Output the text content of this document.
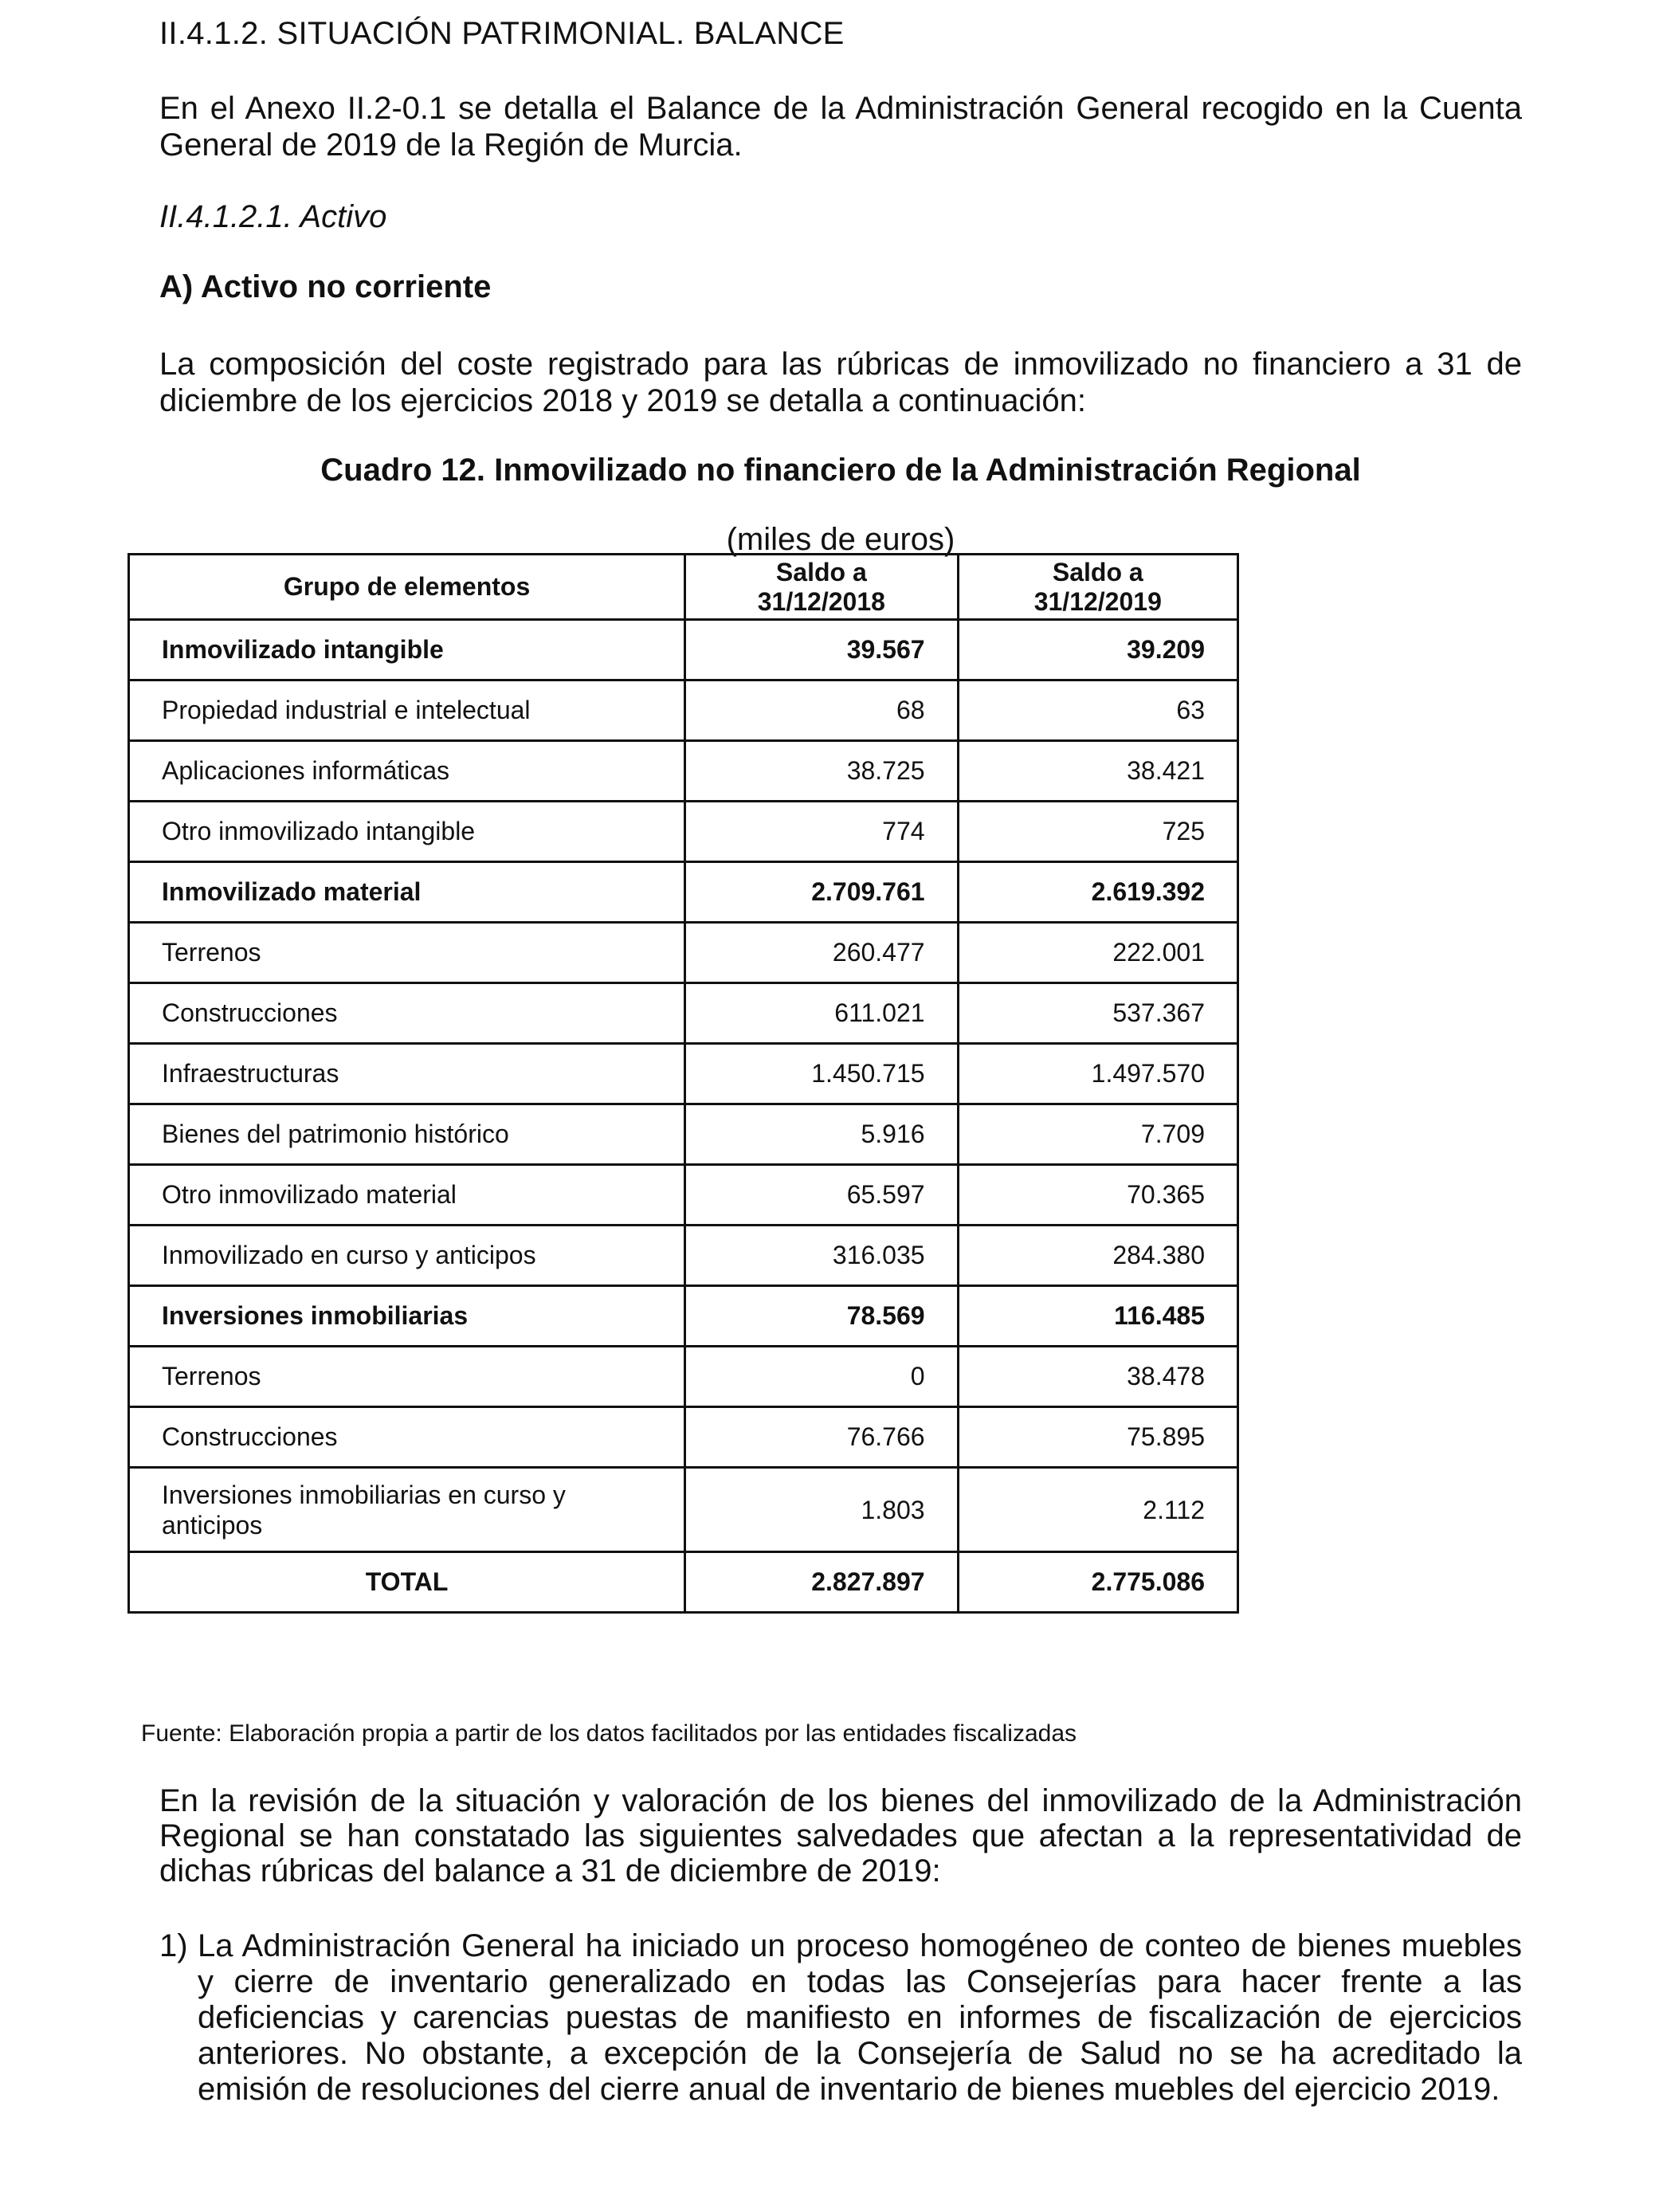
II.4.1.2. SITUACIÓN PATRIMONIAL. BALANCE

En el Anexo II.2-0.1 se detalla el Balance de la Administración General recogido en la Cuenta General de 2019 de la Región de Murcia.

II.4.1.2.1. Activo

A) Activo no corriente

La composición del coste registrado para las rúbricas de inmovilizado no financiero a 31 de diciembre de los ejercicios 2018 y 2019 se detalla a continuación:

Cuadro 12. Inmovilizado no financiero de la Administración Regional

(miles de euros)

Grupo de elementos	Saldo a 31/12/2018	Saldo a 31/12/2019
Inmovilizado intangible	39.567	39.209
Propiedad industrial e intelectual	68	63
Aplicaciones informáticas	38.725	38.421
Otro inmovilizado intangible	774	725
Inmovilizado material	2.709.761	2.619.392
Terrenos	260.477	222.001
Construcciones	611.021	537.367
Infraestructuras	1.450.715	1.497.570
Bienes del patrimonio histórico	5.916	7.709
Otro inmovilizado material	65.597	70.365
Inmovilizado en curso y anticipos	316.035	284.380
Inversiones inmobiliarias	78.569	116.485
Terrenos	0	38.478
Construcciones	76.766	75.895
Inversiones inmobiliarias en curso y anticipos	1.803	2.112
TOTAL	2.827.897	2.775.086
Fuente: Elaboración propia a partir de los datos facilitados por las entidades fiscalizadas

En la revisión de la situación y valoración de los bienes del inmovilizado de la Administración Regional se han constatado las siguientes salvedades que afectan a la representatividad de dichas rúbricas del balance a 31 de diciembre de 2019:

1) La Administración General ha iniciado un proceso homogéneo de conteo de bienes muebles y cierre de inventario generalizado en todas las Consejerías para hacer frente a las deficiencias y carencias puestas de manifiesto en informes de fiscalización de ejercicios anteriores. No obstante, a excepción de la Consejería de Salud no se ha acreditado la emisión de resoluciones del cierre anual de inventario de bienes muebles del ejercicio 2019.
